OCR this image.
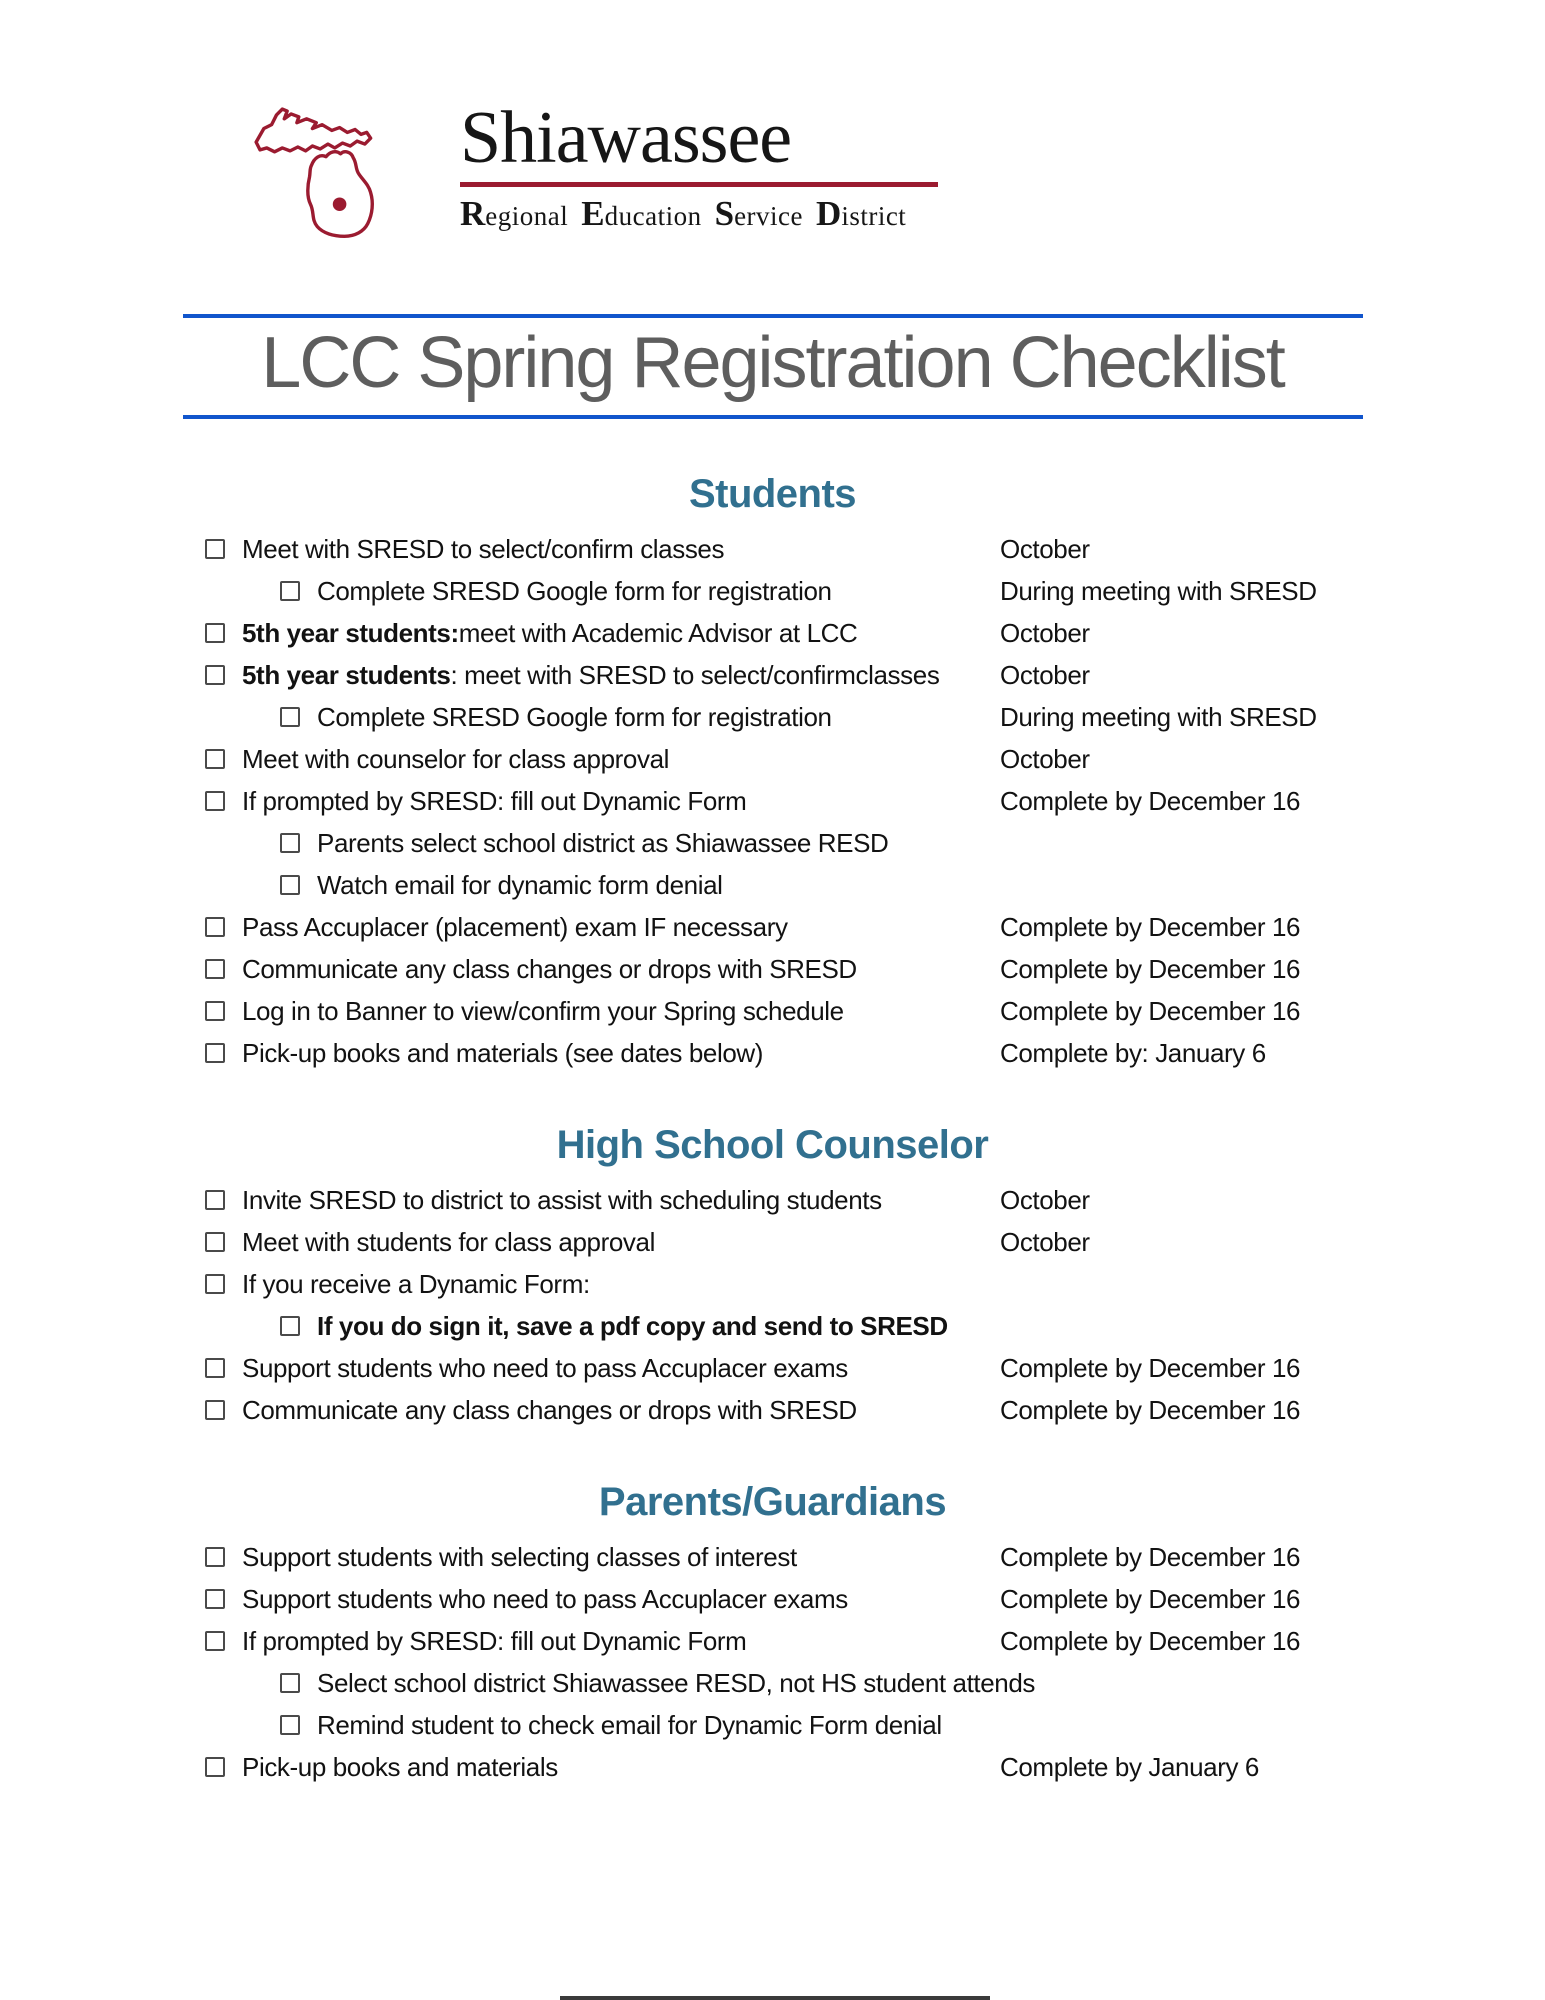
Shiawassee
Regional Education Service District
LCC Spring Registration Checklist
Students
Meet with SRESD to select/confirm classes	October
Complete SRESD Google form for registration	During meeting with SRESD
5th year students:meet with Academic Advisor at LCC	October
5th year students: meet with SRESD to select/confirmclasses October
Complete SRESD Google form for registration	During meeting with SRESD
Meet with counselor for class approval	October
If prompted by SRESD: fill out Dynamic Form	Complete by December 16
Parents select school district as Shiawassee RESD
Watch email for dynamic form denial
Pass Accuplacer (placement) exam IF necessary	Complete by December 16
Communicate any class changes or drops with SRESD	Complete by December 16
Log in to Banner to view/confirm your Spring schedule	Complete by December 16
Pick-up books and materials (see dates below)	Complete by: January 6
High School Counselor
Invite SRESD to district to assist with scheduling students	October
Meet with students for class approval	October
If you receive a Dynamic Form:
If you do sign it, save a pdf copy and send to SRESD
Support students who need to pass Accuplacer exams	Complete by December 16
Communicate any class changes or drops with SRESD	Complete by December 16
Parents/Guardians
Support students with selecting classes of interest	Complete by December 16
Support students who need to pass Accuplacer exams	Complete by December 16
If prompted by SRESD: fill out Dynamic Form	Complete by December 16
Select school district Shiawassee RESD, not HS student attends
Remind student to check email for Dynamic Form denial
Pick-up books and materials	Complete by January 6
